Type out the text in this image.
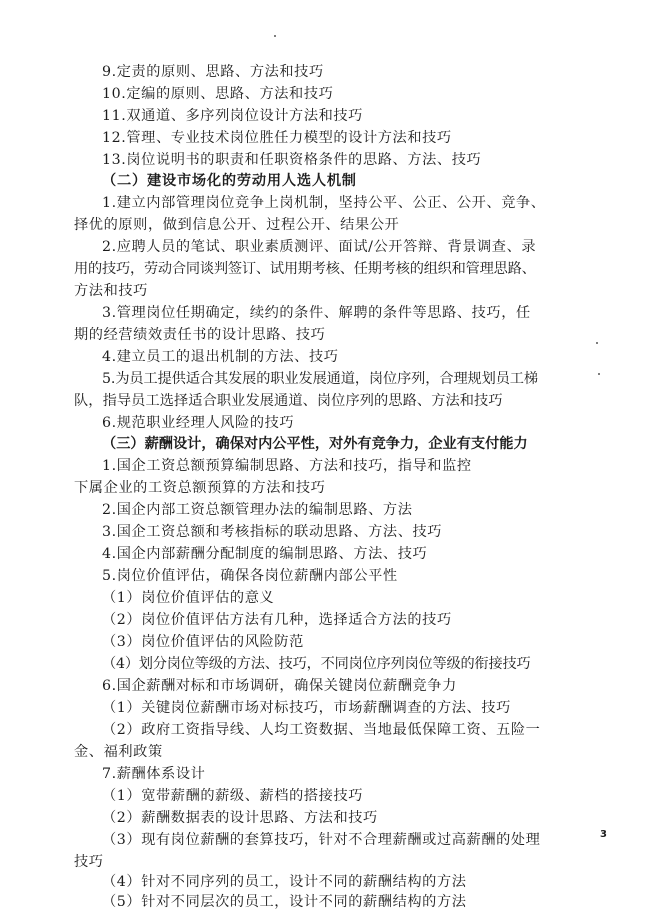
9.定责的原则、思路、方法和技巧
10.定编的原则、思路、方法和技巧
11.双通道、多序列岗位设计方法和技巧
12.管理、专业技术岗位胜任力模型的设计方法和技巧
13.岗位说明书的职责和任职资格条件的思路、方法、技巧
（二）建设市场化的劳动用人选人机制
1.建立内部管理岗位竞争上岗机制，坚持公平、公正、公开、竞争、
择优的原则，做到信息公开、过程公开、结果公开
2.应聘人员的笔试、职业素质测评、面试/公开答辩、背景调查、录
用的技巧，劳动合同谈判签订、试用期考核、任期考核的组织和管理思路、
方法和技巧
3.管理岗位任期确定，续约的条件、解聘的条件等思路、技巧，任
期的经营绩效责任书的设计思路、技巧
4.建立员工的退出机制的方法、技巧
5.为员工提供适合其发展的职业发展通道，岗位序列，合理规划员工梯
队，指导员工选择适合职业发展通道、岗位序列的思路、方法和技巧
6.规范职业经理人风险的技巧
（三）薪酬设计，确保对内公平性，对外有竞争力，企业有支付能力
1.国企工资总额预算编制思路、方法和技巧，指导和监控
下属企业的工资总额预算的方法和技巧
2.国企内部工资总额管理办法的编制思路、方法
3.国企工资总额和考核指标的联动思路、方法、技巧
4.国企内部薪酬分配制度的编制思路、方法、技巧
5.岗位价值评估，确保各岗位薪酬内部公平性
（1）岗位价值评估的意义
（2）岗位价值评估方法有几种，选择适合方法的技巧
（3）岗位价值评估的风险防范
（4）划分岗位等级的方法、技巧，不同岗位序列岗位等级的衔接技巧
6.国企薪酬对标和市场调研，确保关键岗位薪酬竞争力
（1）关键岗位薪酬市场对标技巧，市场薪酬调查的方法、技巧
（2）政府工资指导线、人均工资数据、当地最低保障工资、五险一
金、福利政策
7.薪酬体系设计
（1）宽带薪酬的薪级、薪档的搭接技巧
（2）薪酬数据表的设计思路、方法和技巧
（3）现有岗位薪酬的套算技巧，针对不合理薪酬或过高薪酬的处理
技巧
（4）针对不同序列的员工，设计不同的薪酬结构的方法
（5）针对不同层次的员工，设计不同的薪酬结构的方法
3
